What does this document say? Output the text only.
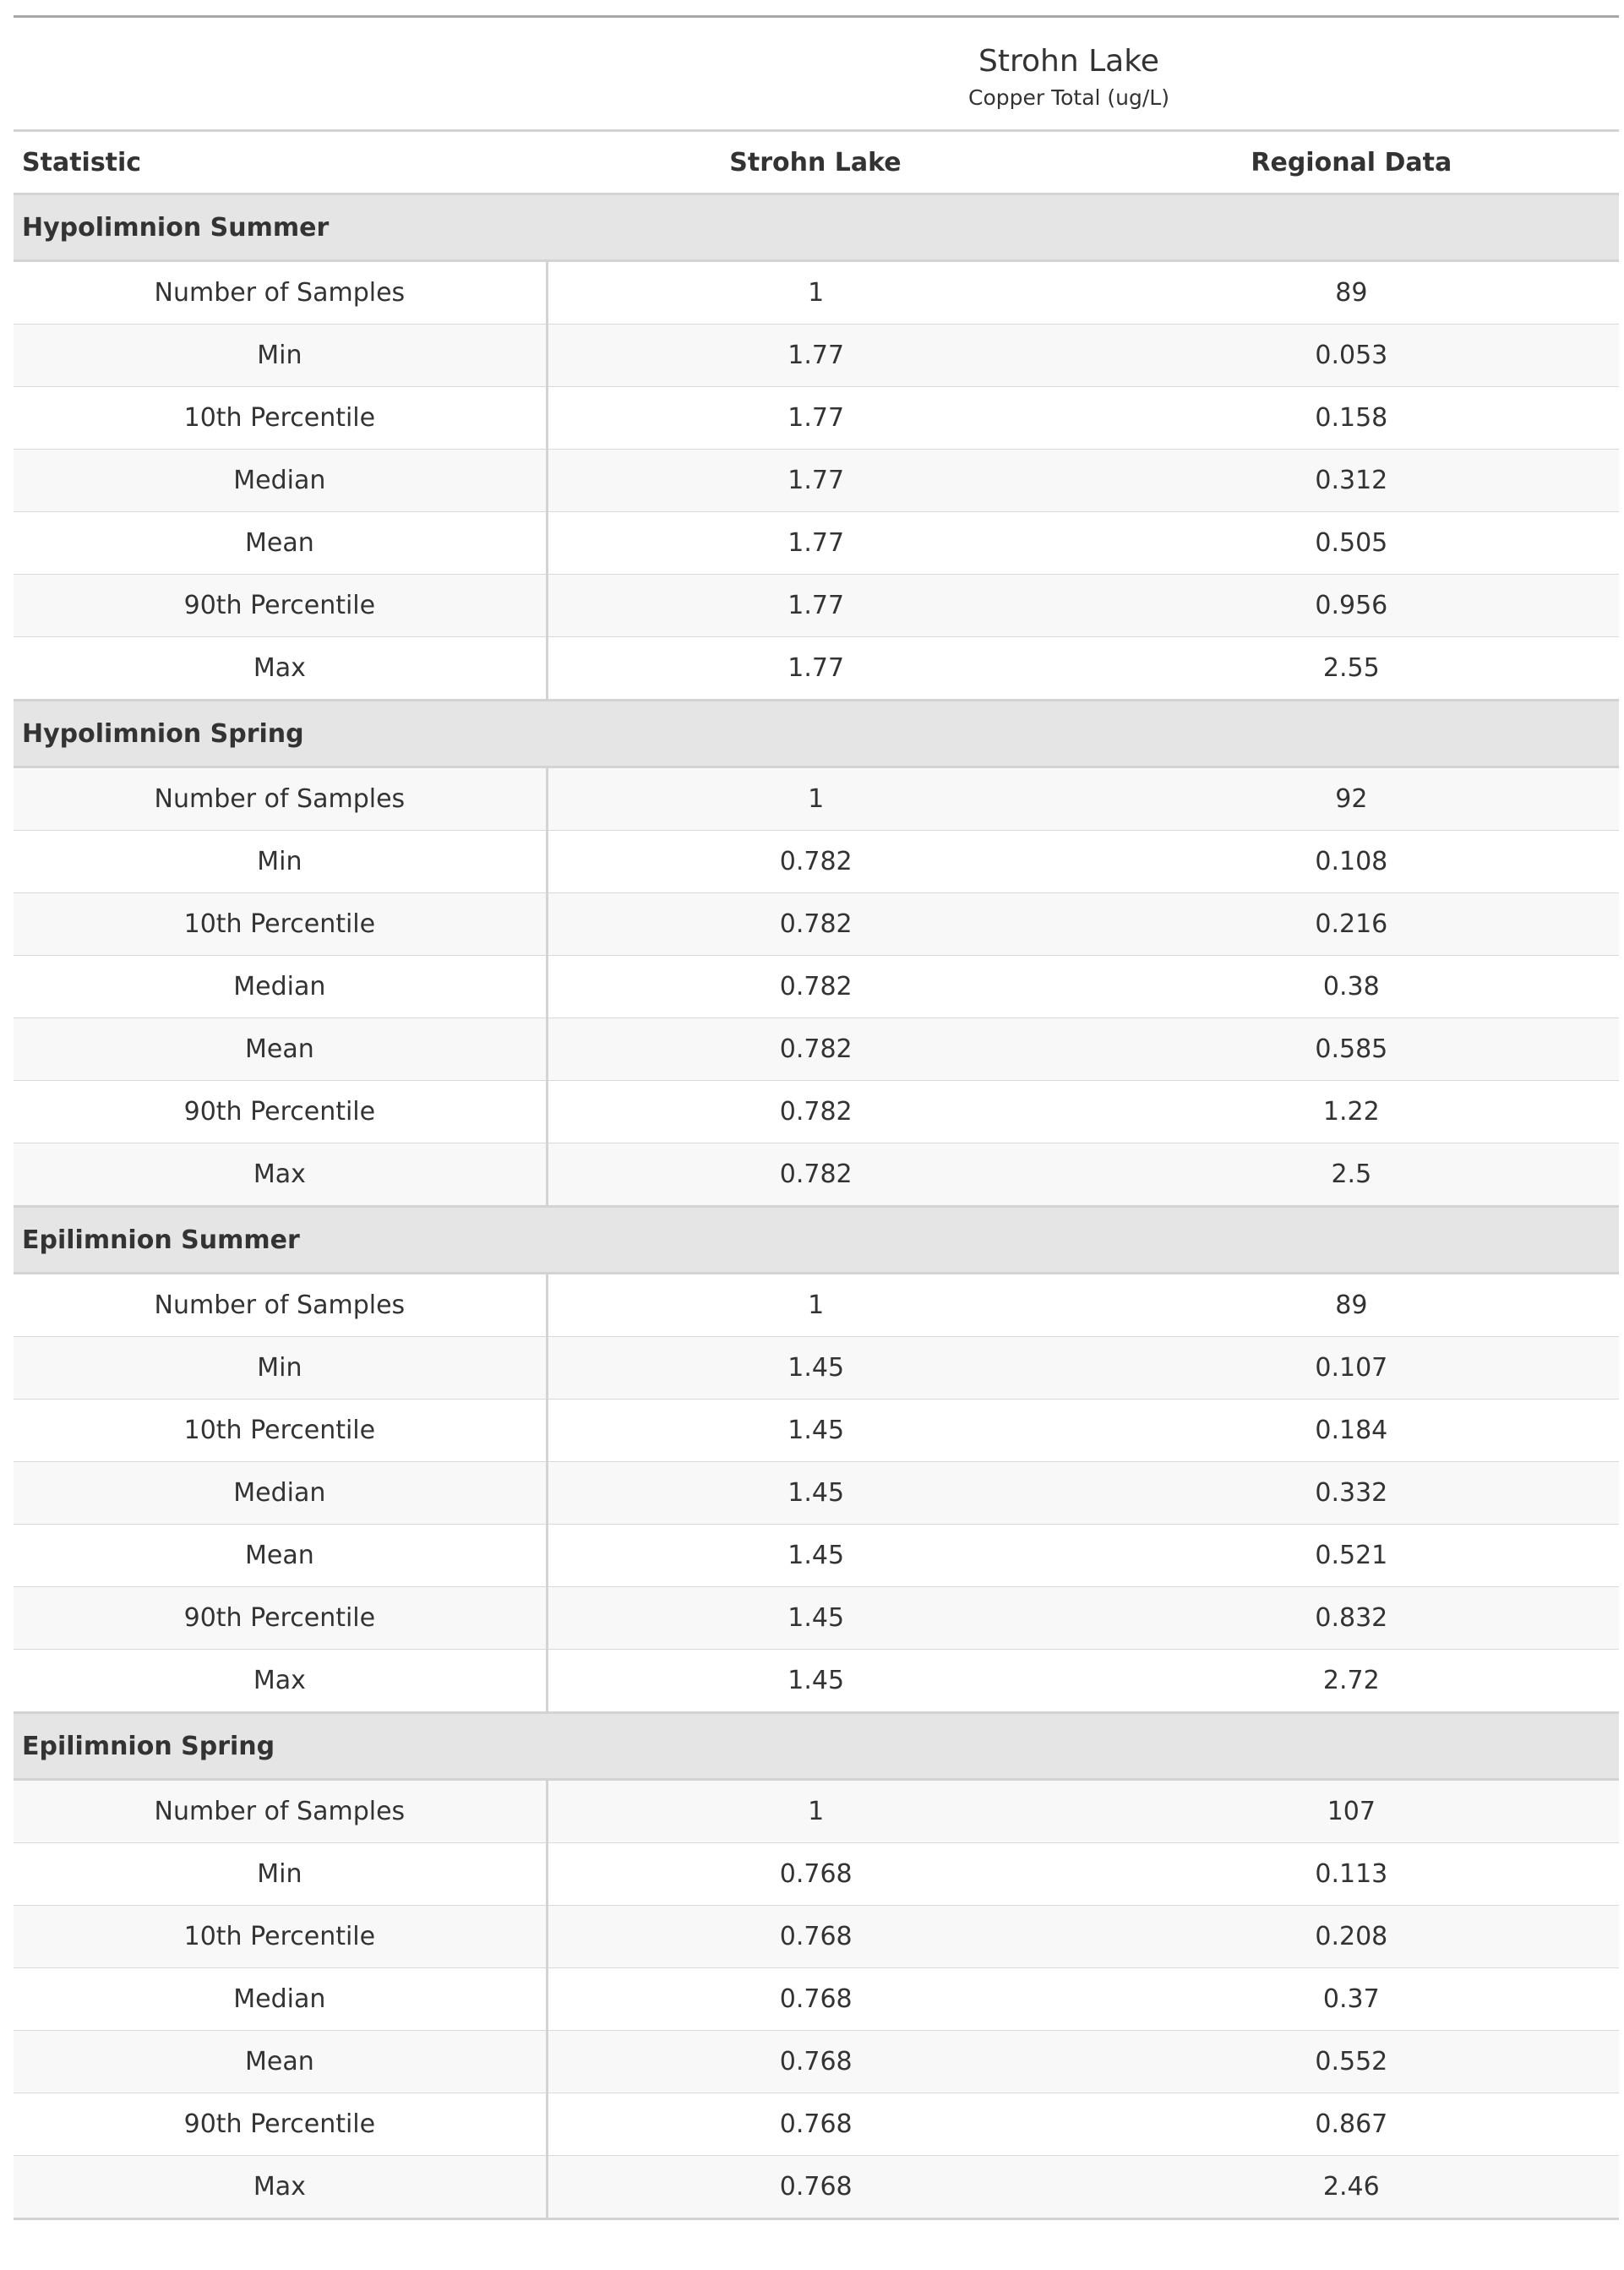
Strohn Lake		
Copper Total (ug/L)		
Statistic	Strohn Lake	Regional Data
Hypolimnion Summer		
Number of Samples	1	89
Min	1.77	0.053
10th Percentile	1.77	0.158
Median	1.77	0.312
Mean	1.77	0.505
90th Percentile	1.77	0.956
Max	1.77	2.55
Hypolimnion Spring		
Number of Samples	1	92
Min	0.782	0.108
10th Percentile	0.782	0.216
Median	0.782	0.38
Mean	0.782	0.585
90th Percentile	0.782	1.22
Max	0.782	2.5
Epilimnion Summer		
Number of Samples	1	89
Min	1.45	0.107
10th Percentile	1.45	0.184
Median	1.45	0.332
Mean	1.45	0.521
90th Percentile	1.45	0.832
Max	1.45	2.72
Epilimnion Spring		
Number of Samples	1	107
Min	0.768	0.113
10th Percentile	0.768	0.208
Median	0.768	0.37
Mean	0.768	0.552
90th Percentile	0.768	0.867
Max	0.768	2.46
